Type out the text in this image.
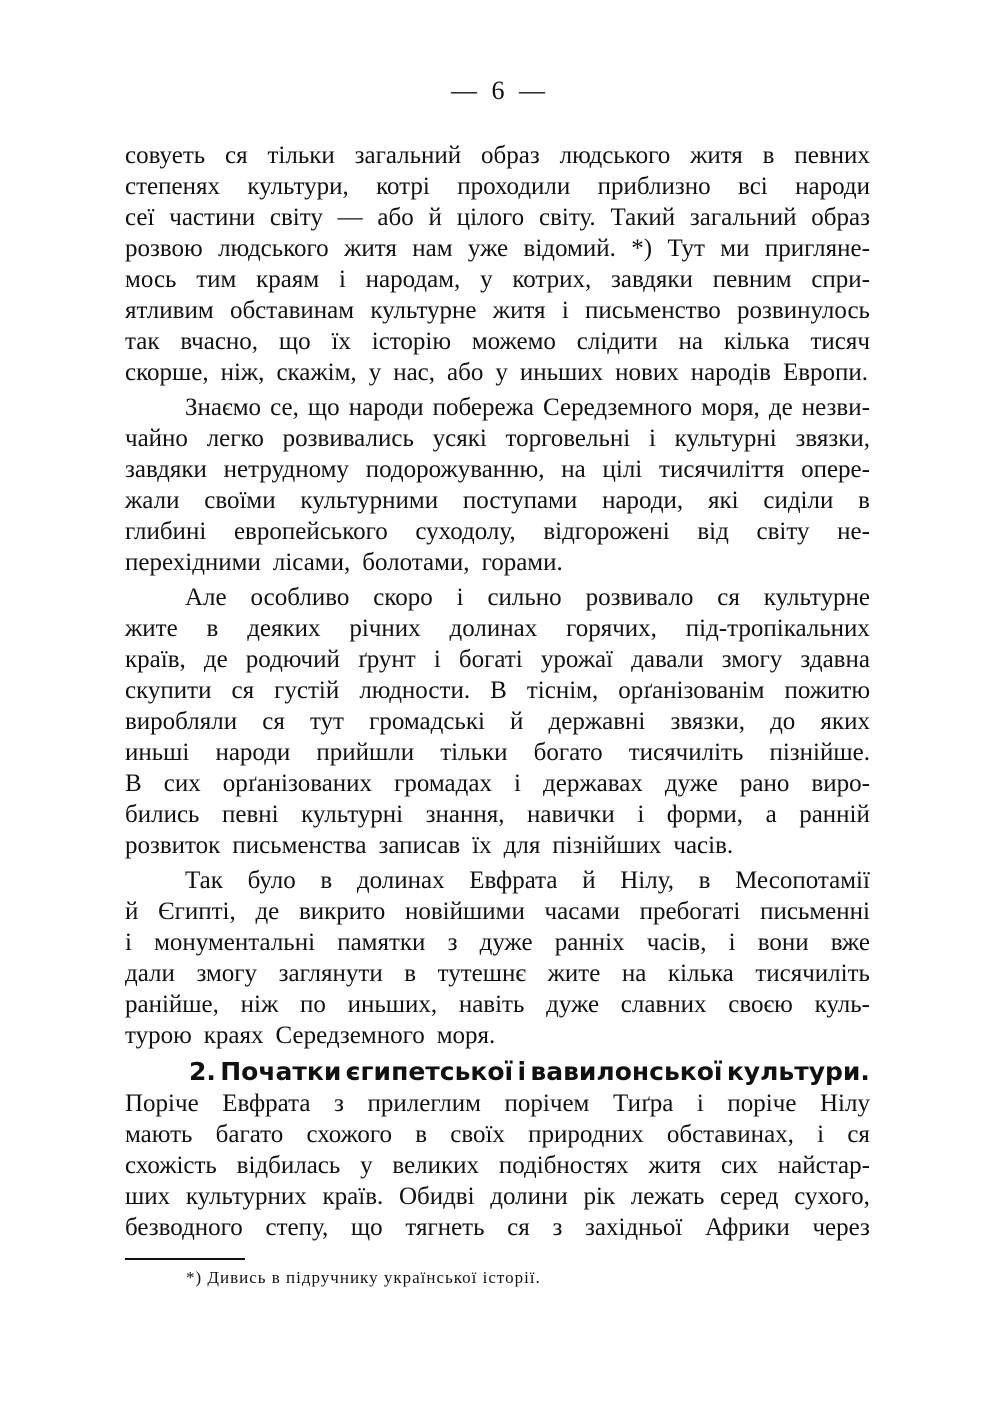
— 6 —
совуеть ся тільки загальний образ людського житя в певних
степенях культури, котрі проходили приблизно всі народи
сеї частини світу — або й цілого світу. Такий загальний образ
розвою людського житя нам уже відомий. *) Тут ми приглянe-
мось тим краям і народам, у котрих, завдяки певним спри-
ятливим обставинам культурне житя і письменство розвинулось
так вчасно, що їх історію можемо слідити на кілька тисяч
скорше, ніж, скажім, у нас, або у иньших нових народів Европи.
Знаємо се, що народи побережа Середземного моря, де незви-
чайно легко розвивались усякі торговельні і культурні звязки,
завдяки нетрудному подорожуванню, на цілі тисячиліття опере-
жали своїми культурними поступами народи, які сиділи в
глибині европейського суходолу, відгорожені від світу не-
перехідними лісами, болотами, горами.
Але особливо скоро і сильно розвивало ся культурне
жите в деяких річних долинах горячих, під-тропікальних
країв, де родючий ґрунт і богаті урожаї давали змогу здавна
скупити ся густій людности. В тіснім, орґанізованім пожитю
виробляли ся тут громадські й державні звязки, до яких
иньші народи прийшли тільки богато тисячиліть пізнійше.
В сих орґанізованих громадах і державах дуже рано виро-
бились певні культурні знання, навички і форми, а ранній
розвиток письменства записав їх для пізнійших часів.
Так було в долинах Евфрата й Нілу, в Месопотамії
й Єгипті, де викрито новійшими часами пребогаті письменні
і монументальні памятки з дуже ранніх часів, і вони вже
дали змогу заглянути в тутешнє жите на кілька тисячиліть
ранійше, ніж по иньших, навіть дуже славних своєю куль-
турою краях Середземного моря.
2. Початки єгипетської і вавилонської культури.
Поріче Евфрата з прилеглим порічем Тиґра і поріче Нілу
мають багато схожого в своїх природних обставинах, і ся
схожість відбилась у великих подібностях житя сих найстар-
ших культурних країв. Обидві долини рік лежать серед сухого,
безводного степу, що тягнеть ся з західньої Африки через
*) Дивись в підручнику української історії.
